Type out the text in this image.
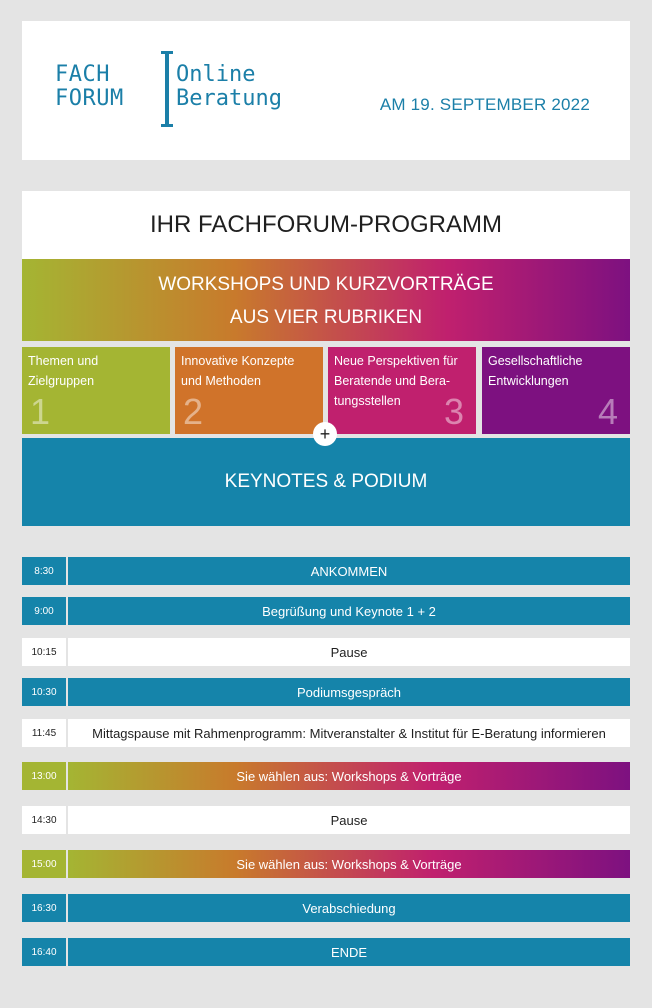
FACH
FORUM
Online
Beratung	AM 19. SEPTEMBER 2022
IHR FACHFORUM-PROGRAMM
WORKSHOPS UND KURZVORTRÄGE
AUS VIER RUBRIKEN
Themen und
Zielgruppen
1
Innovative Konzepte
und Methoden
2
Neue Perspektiven für
Beratende und Bera-
tungsstellen	3
Gesellschaftliche
Entwicklungen
4
+
KEYNOTES & PODIUM
8:30	ANKOMMEN
9:00	Begrüßung und Keynote 1 + 2
10:15	Pause
10:30	Podiumsgespräch
11:45	Mittagspause mit Rahmenprogramm: Mitveranstalter & Institut für E-Beratung informieren
13:00	Sie wählen aus: Workshops & Vorträge
14:30	Pause
15:00	Sie wählen aus: Workshops & Vorträge
16:30	Verabschiedung
16:40	ENDE
